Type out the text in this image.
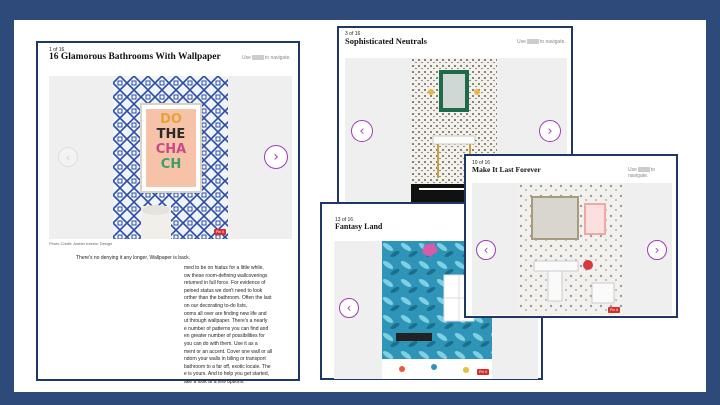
1 of 16
16 Glamorous Bathrooms With Wallpaper	Use	to navigate.
DO
THE
CHA
CH
Pin it
‹	›
Photo Credit: Amber Interior Design
There's no denying it any longer, Wallpaper is back.
med to be on hiatus for a little while,
ow these room-defining wallcoverings
returned in full force. For evidence of
peined status we don't need to look
orther than the bathroom. Often the last
on our decorating to-do lists,
ooms all over are finding new life and
ut through wallpaper. There's a nearly
e number of patterns you can find and
en greater number of possibilities for
you can do with them. Use it as a
ment or an accent. Cover one wall or all
ndorn your walls in biling or transport
bathroom to a far off, exotic locale. The
e is yours. And to help you get started,
ake a look at a few options.
3 of 16
Sophisticated Neutrals	Use	to navigate.
‹	›
13 of 16
Fantasy Land
Pin it
‹
10 of 16
Make It Last Forever	Use	to navigate.
Pin it
‹	›
